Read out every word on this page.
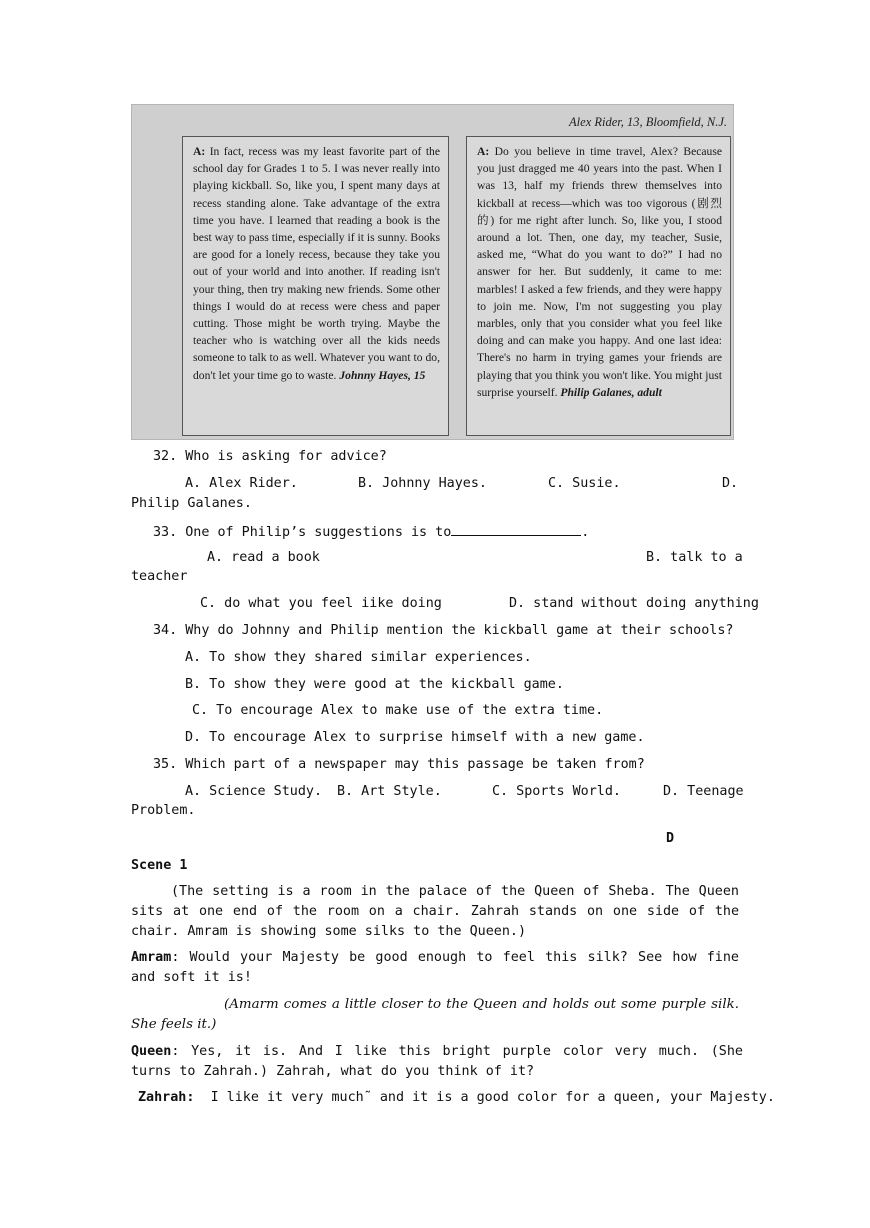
Alex Rider, 13, Bloomfield, N.J.
A: In fact, recess was my least favorite part of the school day for Grades 1 to 5. I was never really into playing kickball. So, like you, I spent many days at recess standing alone. Take advantage of the extra time you have. I learned that reading a book is the best way to pass time, especially if it is sunny. Books are good for a lonely recess, because they take you out of your world and into another. If reading isn't your thing, then try making new friends. Some other things I would do at recess were chess and paper cutting. Those might be worth trying. Maybe the teacher who is watching over all the kids needs someone to talk to as well. Whatever you want to do, don't let your time go to waste. Johnny Hayes, 15
A: Do you believe in time travel, Alex? Because you just dragged me 40 years into the past. When I was 13, half my friends threw themselves into kickball at recess—which was too vigorous (剧烈的) for me right after lunch. So, like you, I stood around a lot. Then, one day, my teacher, Susie, asked me, “What do you want to do?” I had no answer for her. But suddenly, it came to me: marbles! I asked a few friends, and they were happy to join me. Now, I'm not suggesting you play marbles, only that you consider what you feel like doing and can make you happy. And one last idea: There's no harm in trying games your friends are playing that you think you won't like. You might just surprise yourself. Philip Galanes, adult
32. Who is asking for advice?
A. Alex Rider.	B. Johnny Hayes.	C. Susie.	D.
Philip Galanes.
33. One of Philip’s suggestions is to	.
A. read a book	B. talk to a
teacher
C. do what you feel iike doing	D. stand without doing anything
34. Why do Johnny and Philip mention the kickball game at their schools?
A. To show they shared similar experiences.
B. To show they were good at the kickball game.
C. To encourage Alex to make use of the extra time.
D. To encourage Alex to surprise himself with a new game.
35. Which part of a newspaper may this passage be taken from?
A. Science Study. B. Art Style.	C. Sports World.	D. Teenage
Problem.
D
Scene 1
(The setting is a room in the palace of the Queen of Sheba. The Queen sits at one end of the room on a chair. Zahrah stands on one side of the chair. Amram is showing some silks to the Queen.)
Amram: Would your Majesty be good enough to feel this silk? See how fine and soft it is!
(Amarm comes a little closer to the Queen and holds out some purple silk. She feels it.)
Queen: Yes, it is. And I like this bright purple color very much. (She turns to Zahrah.) Zahrah, what do you think of it?
Zahrah: I like it very much˜ and it is a good color for a queen, your Majesty.
